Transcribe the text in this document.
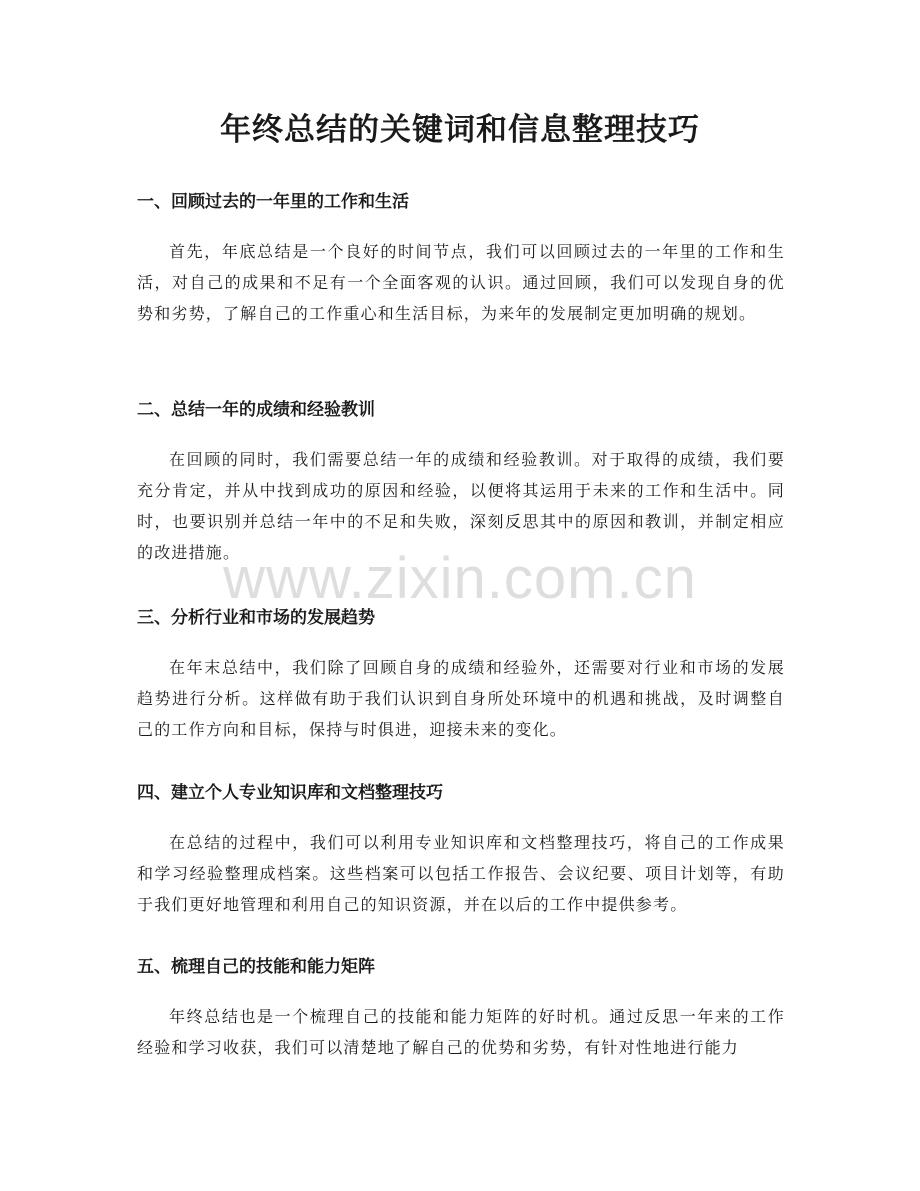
年终总结的关键词和信息整理技巧
一、回顾过去的一年里的工作和生活

首先，年底总结是一个良好的时间节点，我们可以回顾过去的一年里的工作和生活，对自己的成果和不足有一个全面客观的认识。通过回顾，我们可以发现自身的优势和劣势，了解自己的工作重心和生活目标，为来年的发展制定更加明确的规划。

二、总结一年的成绩和经验教训

在回顾的同时，我们需要总结一年的成绩和经验教训。对于取得的成绩，我们要充分肯定，并从中找到成功的原因和经验，以便将其运用于未来的工作和生活中。同时，也要识别并总结一年中的不足和失败，深刻反思其中的原因和教训，并制定相应的改进措施。

三、分析行业和市场的发展趋势

在年末总结中，我们除了回顾自身的成绩和经验外，还需要对行业和市场的发展趋势进行分析。这样做有助于我们认识到自身所处环境中的机遇和挑战，及时调整自己的工作方向和目标，保持与时俱进，迎接未来的变化。

四、建立个人专业知识库和文档整理技巧

在总结的过程中，我们可以利用专业知识库和文档整理技巧，将自己的工作成果和学习经验整理成档案。这些档案可以包括工作报告、会议纪要、项目计划等，有助于我们更好地管理和利用自己的知识资源，并在以后的工作中提供参考。

五、梳理自己的技能和能力矩阵

年终总结也是一个梳理自己的技能和能力矩阵的好时机。通过反思一年来的工作经验和学习收获，我们可以清楚地了解自己的优势和劣势，有针对性地进行能力

www.zixin.com.cn
